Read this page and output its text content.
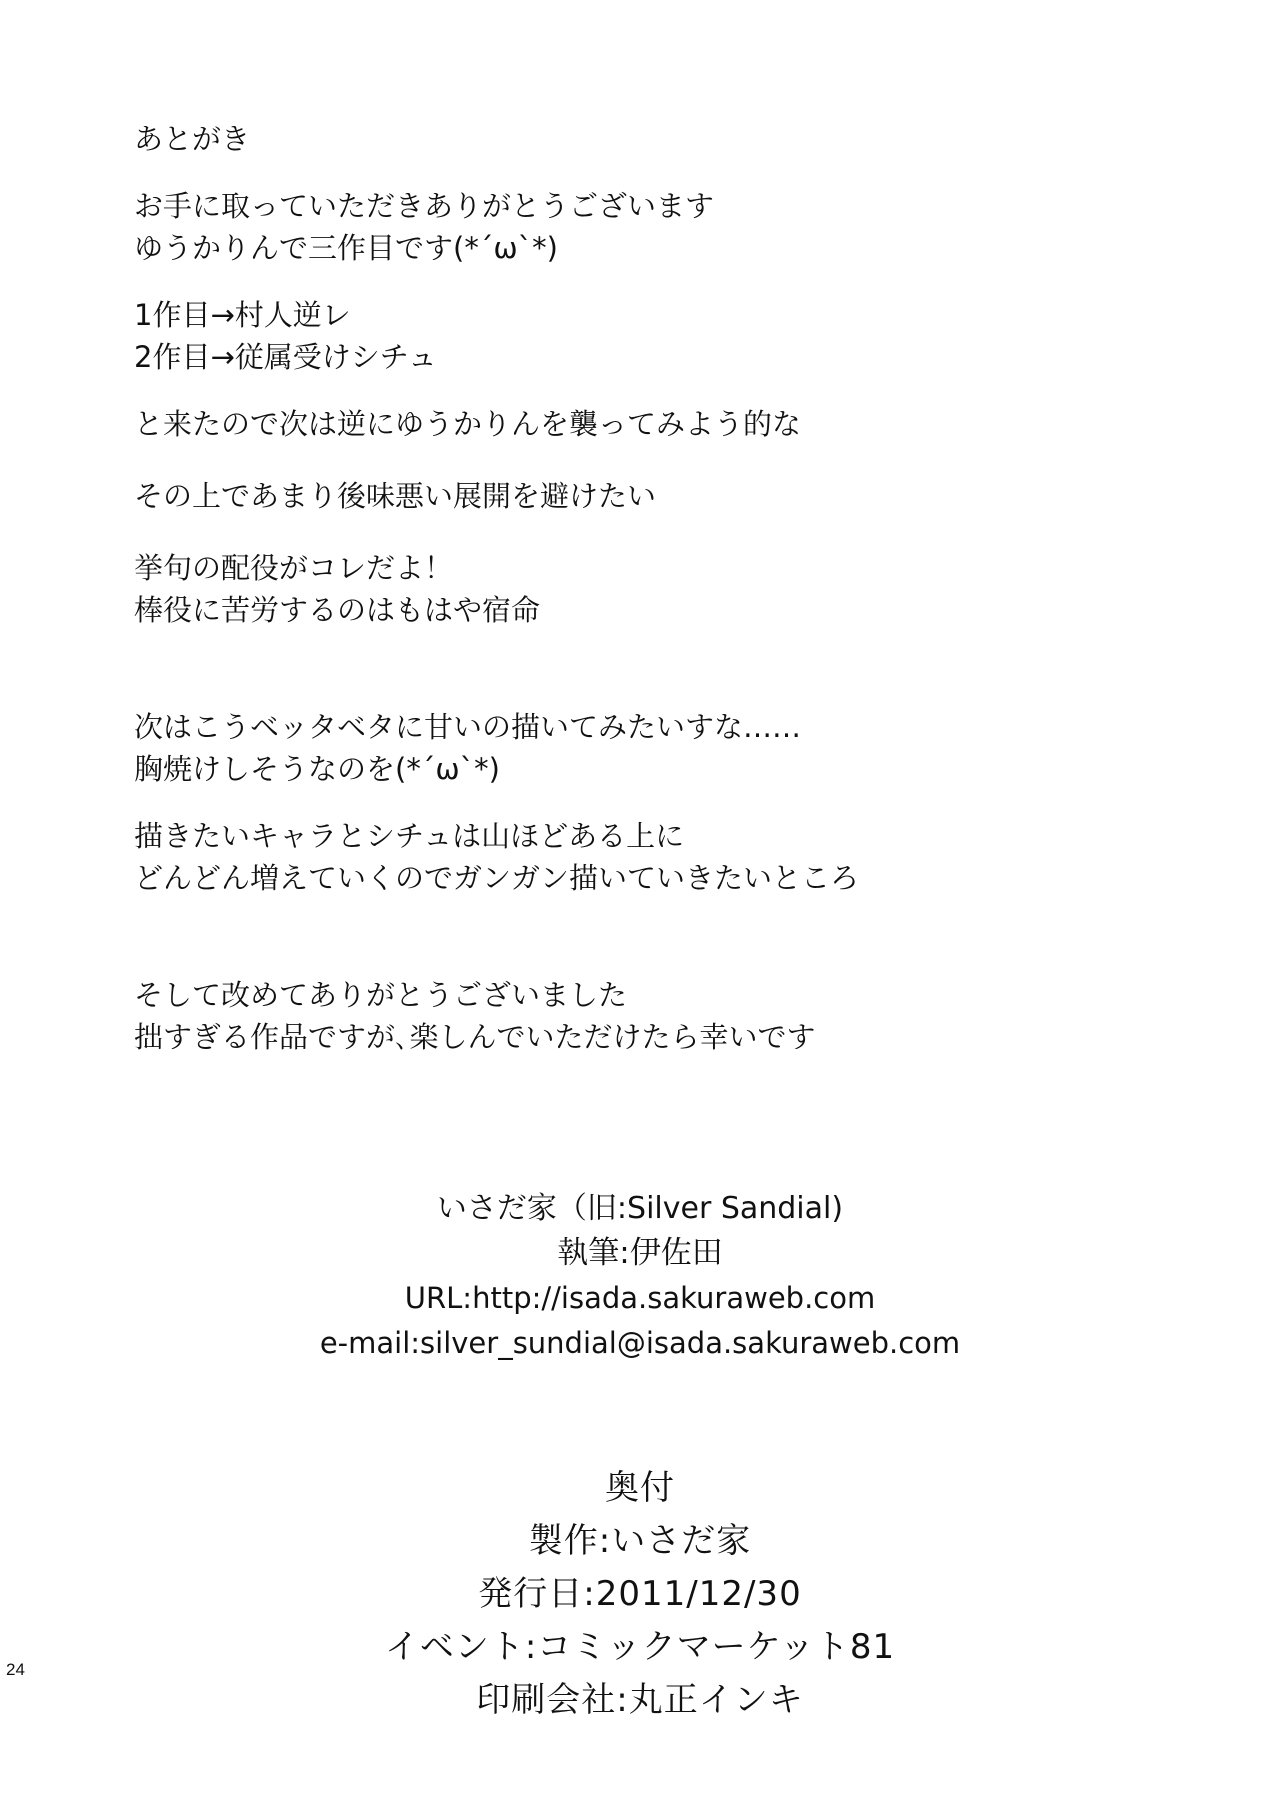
あとがき

お手に取っていただきありがとうございます
ゆうかりんで三作目です(*´ω`*)

1作目→村人逆レ
2作目→従属受けシチュ

と来たので次は逆にゆうかりんを襲ってみよう的な

その上であまり後味悪い展開を避けたい

挙句の配役がコレだよ！
棒役に苦労するのはもはや宿命

次はこうベッタベタに甘いの描いてみたいすな……
胸焼けしそうなのを(*´ω`*)

描きたいキャラとシチュは山ほどある上に
どんどん増えていくのでガンガン描いていきたいところ

そして改めてありがとうございました
拙すぎる作品ですが､楽しんでいただけたら幸いです

いさだ家（旧:Silver Sandial)
執筆:伊佐田
URL:http://isada.sakuraweb.com
e-mail:silver_sundial@isada.sakuraweb.com
奥付
製作:いさだ家
発行日:2011/12/30
イベント:コミックマーケット81
印刷会社:丸正インキ
24
